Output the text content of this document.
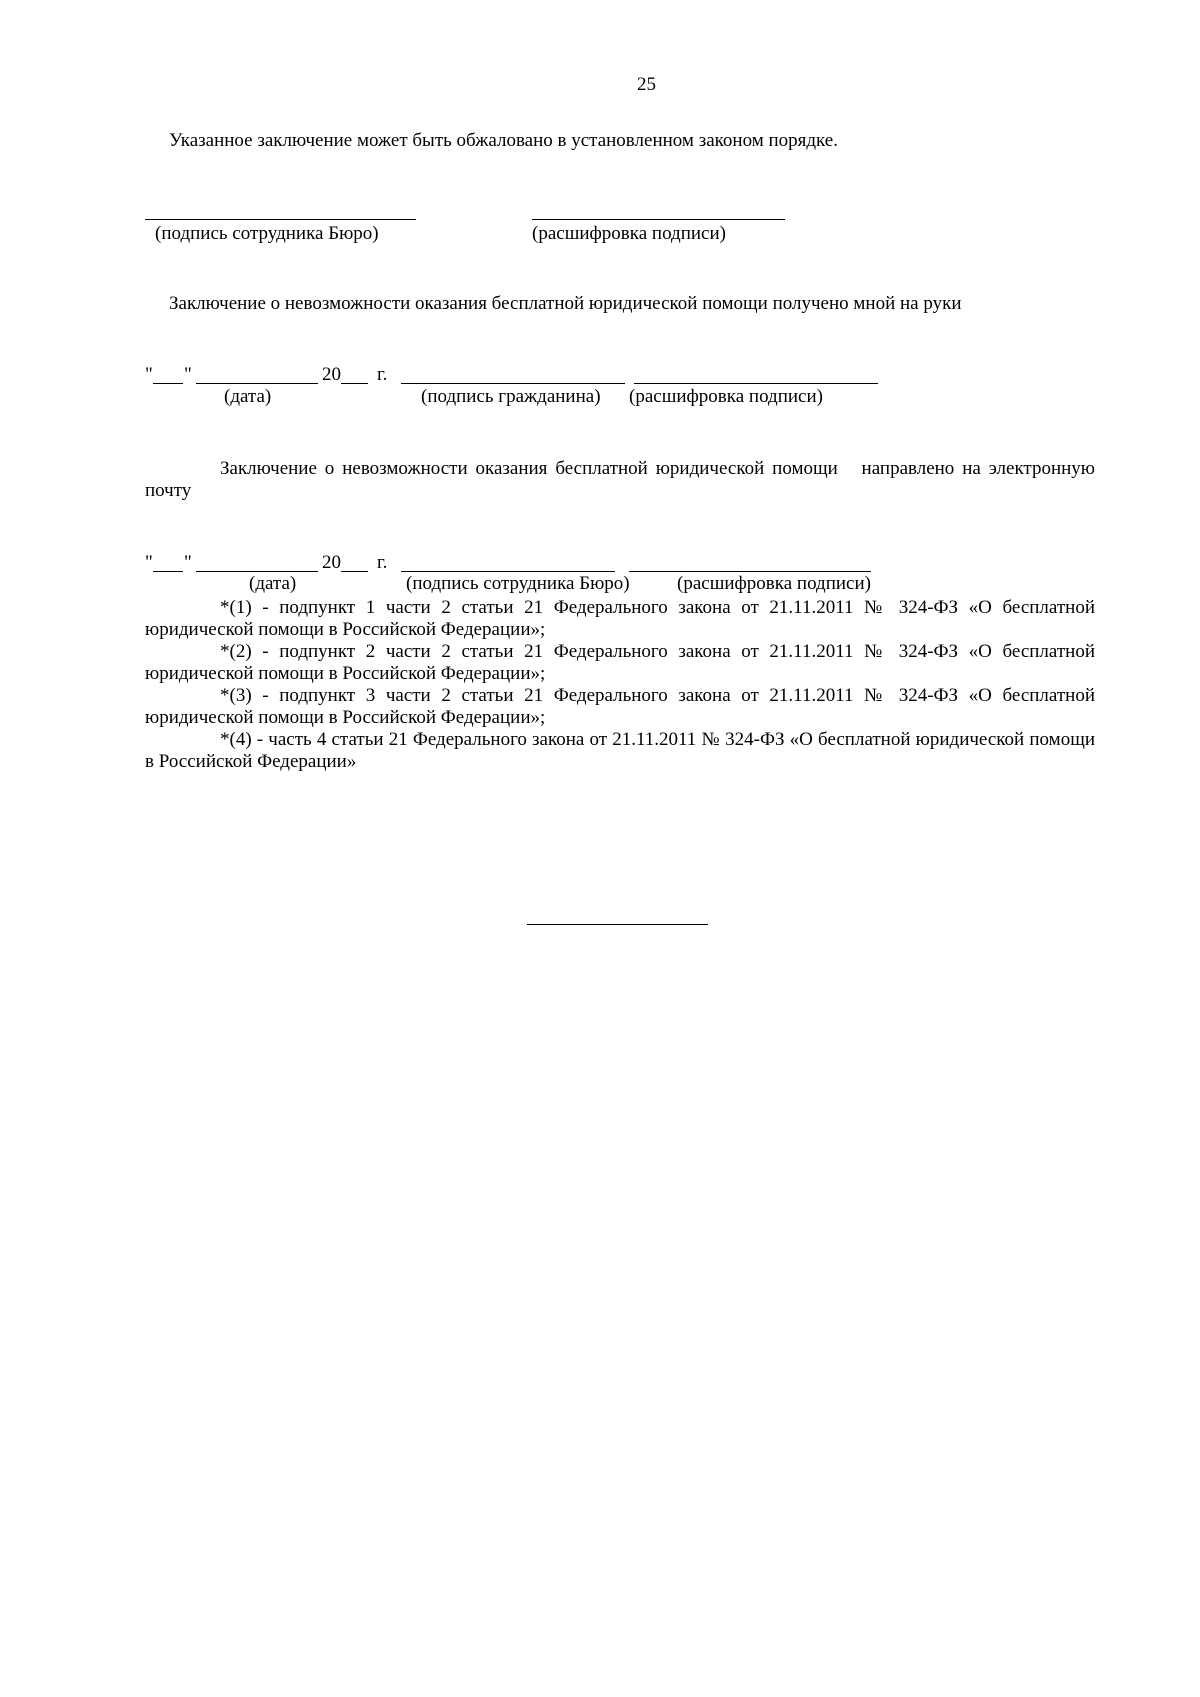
25
Указанное заключение может быть обжаловано в установленном законом порядке.
(подпись сотрудника Бюро)	(расшифровка подписи)
Заключение о невозможности оказания бесплатной юридической помощи получено мной на руки
" "	20 г.
(дата)	(подпись гражданина) (расшифровка подписи)
Заключение о невозможности оказания бесплатной юридической помощи   направлено на электронную почту
" "	20 г.
(дата)	(подпись сотрудника Бюро) (расшифровка подписи)
*(1) - подпункт 1 части 2 статьи 21 Федерального закона от 21.11.2011 № 324-ФЗ «О бесплатной юридической помощи в Российской Федерации»;
*(2) - подпункт 2 части 2 статьи 21 Федерального закона от 21.11.2011 № 324-ФЗ «О бесплатной юридической помощи в Российской Федерации»;
*(3) - подпункт 3 части 2 статьи 21 Федерального закона от 21.11.2011 № 324-ФЗ «О бесплатной юридической помощи в Российской Федерации»;
*(4) - часть 4 статьи 21 Федерального закона от 21.11.2011 № 324-ФЗ «О бесплатной юридической помощи в Российской Федерации»
